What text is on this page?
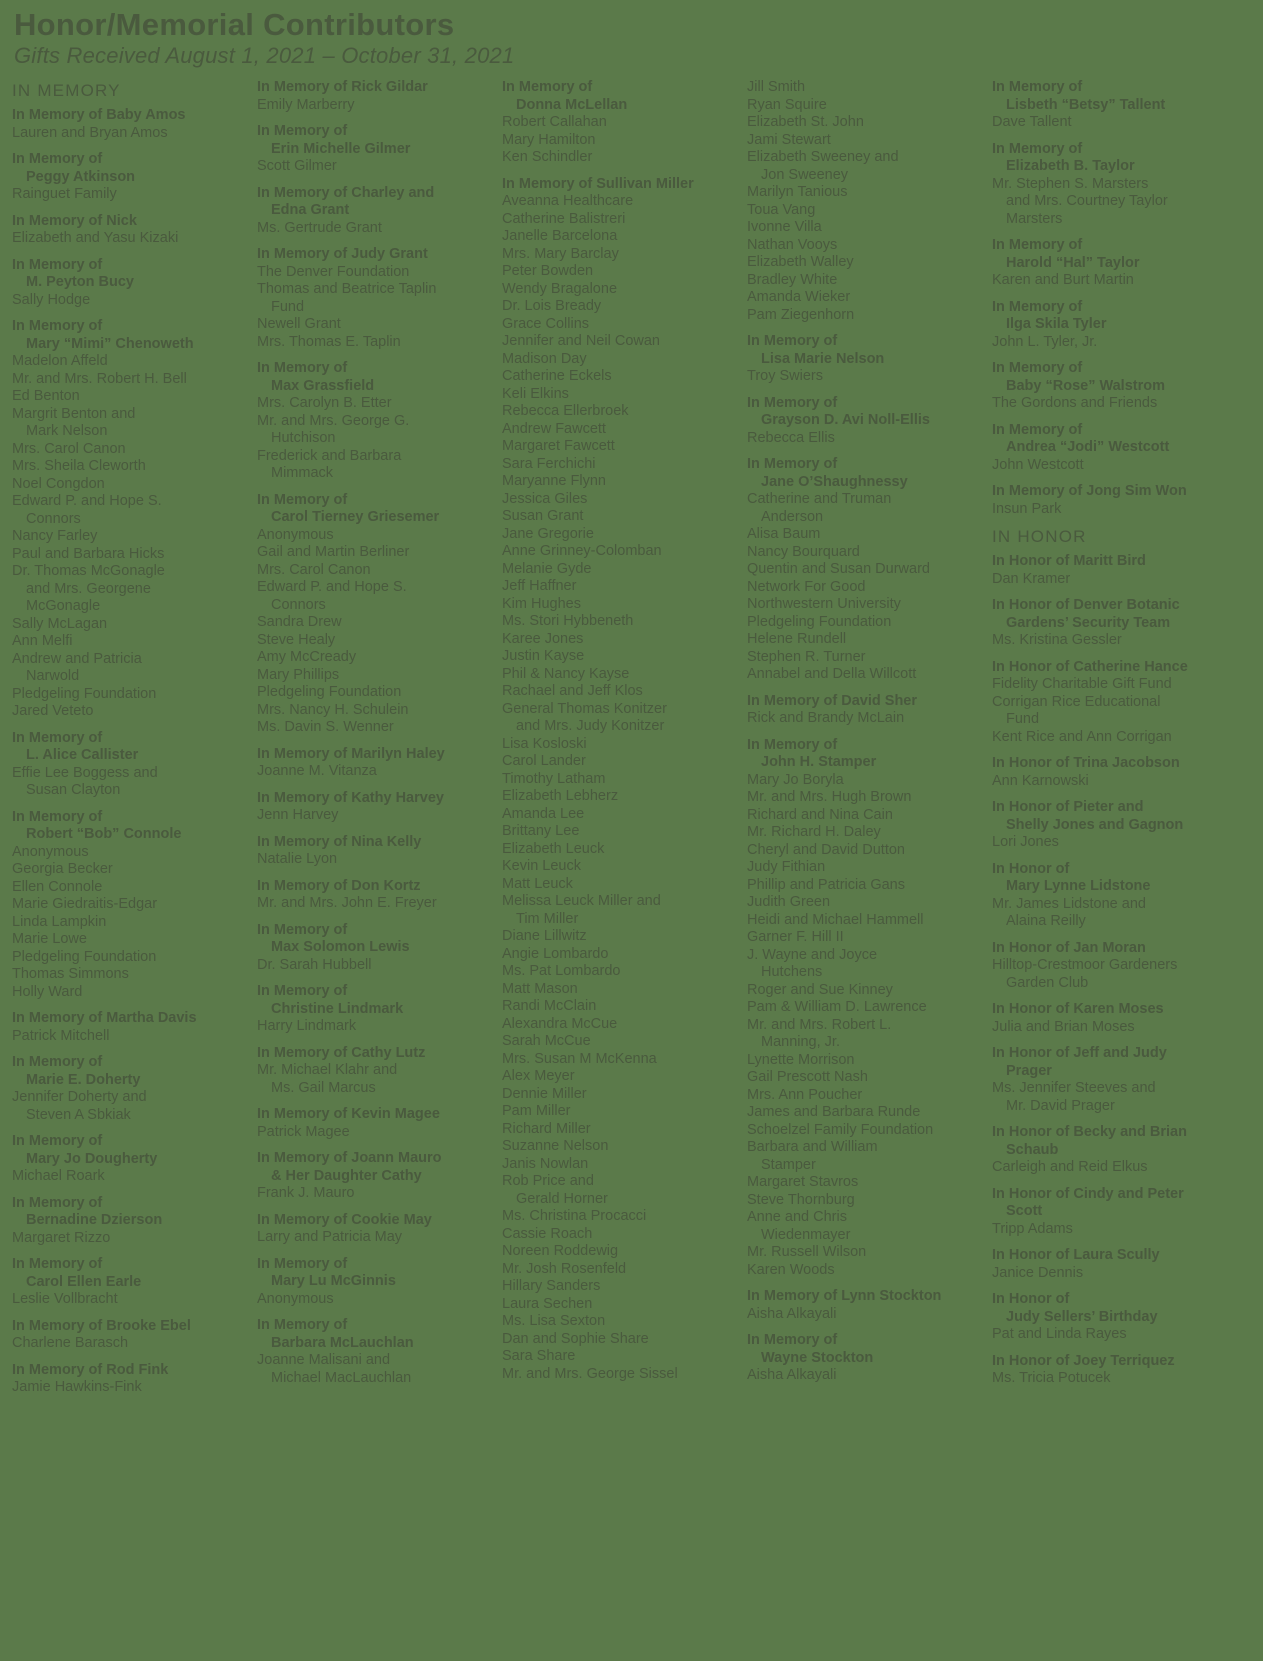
Honor/Memorial Contributors
Gifts Received August 1, 2021 – October 31, 2021
IN MEMORY
In Memory of Baby Amos
Lauren and Bryan Amos
In Memory of
Peggy Atkinson
Rainguet Family
In Memory of Nick
Elizabeth and Yasu Kizaki
In Memory of
M. Peyton Bucy
Sally Hodge
In Memory of
Mary “Mimi” Chenoweth
Madelon Affeld
Mr. and Mrs. Robert H. Bell
Ed Benton
Margrit Benton and
Mark Nelson
Mrs. Carol Canon
Mrs. Sheila Cleworth
Noel Congdon
Edward P. and Hope S.
Connors
Nancy Farley
Paul and Barbara Hicks
Dr. Thomas McGonagle
and Mrs. Georgene
McGonagle
Sally McLagan
Ann Melfi
Andrew and Patricia
Narwold
Pledgeling Foundation
Jared Veteto
In Memory of
L. Alice Callister
Effie Lee Boggess and
Susan Clayton
In Memory of
Robert “Bob” Connole
Anonymous
Georgia Becker
Ellen Connole
Marie Giedraitis-Edgar
Linda Lampkin
Marie Lowe
Pledgeling Foundation
Thomas Simmons
Holly Ward
In Memory of Martha Davis
Patrick Mitchell
In Memory of
Marie E. Doherty
Jennifer Doherty and
Steven A Sbkiak
In Memory of
Mary Jo Dougherty
Michael Roark
In Memory of
Bernadine Dzierson
Margaret Rizzo
In Memory of
Carol Ellen Earle
Leslie Vollbracht
In Memory of Brooke Ebel
Charlene Barasch
In Memory of Rod Fink
Jamie Hawkins-Fink
In Memory of Rick Gildar
Emily Marberry
In Memory of
Erin Michelle Gilmer
Scott Gilmer
In Memory of Charley and
Edna Grant
Ms. Gertrude Grant
In Memory of Judy Grant
The Denver Foundation
Thomas and Beatrice Taplin
Fund
Newell Grant
Mrs. Thomas E. Taplin
In Memory of
Max Grassfield
Mrs. Carolyn B. Etter
Mr. and Mrs. George G.
Hutchison
Frederick and Barbara
Mimmack
In Memory of
Carol Tierney Griesemer
Anonymous
Gail and Martin Berliner
Mrs. Carol Canon
Edward P. and Hope S.
Connors
Sandra Drew
Steve Healy
Amy McCready
Mary Phillips
Pledgeling Foundation
Mrs. Nancy H. Schulein
Ms. Davin S. Wenner
In Memory of Marilyn Haley
Joanne M. Vitanza
In Memory of Kathy Harvey
Jenn Harvey
In Memory of Nina Kelly
Natalie Lyon
In Memory of Don Kortz
Mr. and Mrs. John E. Freyer
In Memory of
Max Solomon Lewis
Dr. Sarah Hubbell
In Memory of
Christine Lindmark
Harry Lindmark
In Memory of Cathy Lutz
Mr. Michael Klahr and
Ms. Gail Marcus
In Memory of Kevin Magee
Patrick Magee
In Memory of Joann Mauro
& Her Daughter Cathy
Frank J. Mauro
In Memory of Cookie May
Larry and Patricia May
In Memory of
Mary Lu McGinnis
Anonymous
In Memory of
Barbara McLauchlan
Joanne Malisani and
Michael MacLauchlan
In Memory of
Donna McLellan
Robert Callahan
Mary Hamilton
Ken Schindler
In Memory of Sullivan Miller
Aveanna Healthcare
Catherine Balistreri
Janelle Barcelona
Mrs. Mary Barclay
Peter Bowden
Wendy Bragalone
Dr. Lois Bready
Grace Collins
Jennifer and Neil Cowan
Madison Day
Catherine Eckels
Keli Elkins
Rebecca Ellerbroek
Andrew Fawcett
Margaret Fawcett
Sara Ferchichi
Maryanne Flynn
Jessica Giles
Susan Grant
Jane Gregorie
Anne Grinney-Colomban
Melanie Gyde
Jeff Haffner
Kim Hughes
Ms. Stori Hybbeneth
Karee Jones
Justin Kayse
Phil & Nancy Kayse
Rachael and Jeff Klos
General Thomas Konitzer
and Mrs. Judy Konitzer
Lisa Kosloski
Carol Lander
Timothy Latham
Elizabeth Lebherz
Amanda Lee
Brittany Lee
Elizabeth Leuck
Kevin Leuck
Matt Leuck
Melissa Leuck Miller and
Tim Miller
Diane Lillwitz
Angie Lombardo
Ms. Pat Lombardo
Matt Mason
Randi McClain
Alexandra McCue
Sarah McCue
Mrs. Susan M McKenna
Alex Meyer
Dennie Miller
Pam Miller
Richard Miller
Suzanne Nelson
Janis Nowlan
Rob Price and
Gerald Horner
Ms. Christina Procacci
Cassie Roach
Noreen Roddewig
Mr. Josh Rosenfeld
Hillary Sanders
Laura Sechen
Ms. Lisa Sexton
Dan and Sophie Share
Sara Share
Mr. and Mrs. George Sissel
Jill Smith
Ryan Squire
Elizabeth St. John
Jami Stewart
Elizabeth Sweeney and
Jon Sweeney
Marilyn Tanious
Toua Vang
Ivonne Villa
Nathan Vooys
Elizabeth Walley
Bradley White
Amanda Wieker
Pam Ziegenhorn
In Memory of
Lisa Marie Nelson
Troy Swiers
In Memory of
Grayson D. Avi Noll-Ellis
Rebecca Ellis
In Memory of
Jane O’Shaughnessy
Catherine and Truman
Anderson
Alisa Baum
Nancy Bourquard
Quentin and Susan Durward
Network For Good
Northwestern University
Pledgeling Foundation
Helene Rundell
Stephen R. Turner
Annabel and Della Willcott
In Memory of David Sher
Rick and Brandy McLain
In Memory of
John H. Stamper
Mary Jo Boryla
Mr. and Mrs. Hugh Brown
Richard and Nina Cain
Mr. Richard H. Daley
Cheryl and David Dutton
Judy Fithian
Phillip and Patricia Gans
Judith Green
Heidi and Michael Hammell
Garner F. Hill II
J. Wayne and Joyce
Hutchens
Roger and Sue Kinney
Pam & William D. Lawrence
Mr. and Mrs. Robert L.
Manning, Jr.
Lynette Morrison
Gail Prescott Nash
Mrs. Ann Poucher
James and Barbara Runde
Schoelzel Family Foundation
Barbara and William
Stamper
Margaret Stavros
Steve Thornburg
Anne and Chris
Wiedenmayer
Mr. Russell Wilson
Karen Woods
In Memory of Lynn Stockton
Aisha Alkayali
In Memory of
Wayne Stockton
Aisha Alkayali
In Memory of
Lisbeth “Betsy” Tallent
Dave Tallent
In Memory of
Elizabeth B. Taylor
Mr. Stephen S. Marsters
and Mrs. Courtney Taylor
Marsters
In Memory of
Harold “Hal” Taylor
Karen and Burt Martin
In Memory of
Ilga Skila Tyler
John L. Tyler, Jr.
In Memory of
Baby “Rose” Walstrom
The Gordons and Friends
In Memory of
Andrea “Jodi” Westcott
John Westcott
In Memory of Jong Sim Won
Insun Park
IN HONOR
In Honor of Maritt Bird
Dan Kramer
In Honor of Denver Botanic
Gardens’ Security Team
Ms. Kristina Gessler
In Honor of Catherine Hance
Fidelity Charitable Gift Fund
Corrigan Rice Educational
Fund
Kent Rice and Ann Corrigan
In Honor of Trina Jacobson
Ann Karnowski
In Honor of Pieter and
Shelly Jones and Gagnon
Lori Jones
In Honor of
Mary Lynne Lidstone
Mr. James Lidstone and
Alaina Reilly
In Honor of Jan Moran
Hilltop-Crestmoor Gardeners
Garden Club
In Honor of Karen Moses
Julia and Brian Moses
In Honor of Jeff and Judy
Prager
Ms. Jennifer Steeves and
Mr. David Prager
In Honor of Becky and Brian
Schaub
Carleigh and Reid Elkus
In Honor of Cindy and Peter
Scott
Tripp Adams
In Honor of Laura Scully
Janice Dennis
In Honor of
Judy Sellers’ Birthday
Pat and Linda Rayes
In Honor of Joey Terriquez
Ms. Tricia Potucek
